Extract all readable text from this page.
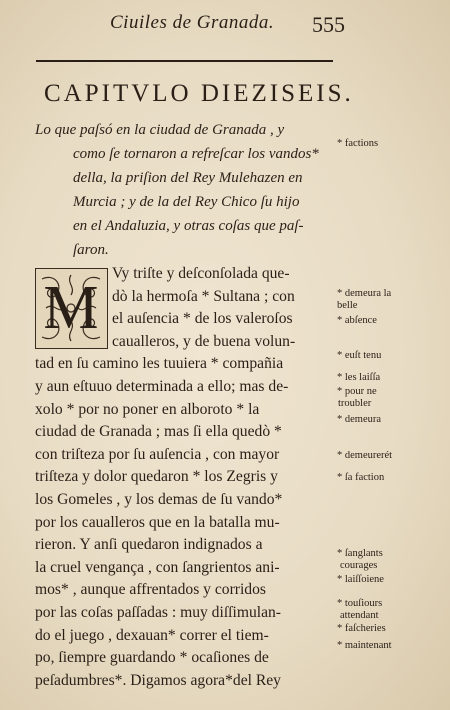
Ciuiles de Granada. 555
CAPITVLO DIEZISEIS.
Lo que paſsó en la ciudad de Granada , y
como ſe tornaron a refreſcar los vandos*
della, la priſion del Rey Mulehazen en
Murcia ; y de la del Rey Chico ſu hijo
en el Andaluzia, y otras coſas que paſ-
ſaron.
M
Vy triſte y deſconſolada que-
dò la hermoſa * Sultana ; con
el auſencia * de los valeroſos
caualleros, y de buena volun-
tad en ſu camino les tuuiera * compañia
y aun eſtuuo determinada a ello; mas de-
xolo * por no poner en alboroto * la
ciudad de Granada ; mas ſi ella quedò *
con triſteza por ſu auſencia , con mayor
triſteza y dolor quedaron * los Zegris y
los Gomeles , y los demas de ſu vando*
por los caualleros que en la batalla mu-
rieron. Y anſi quedaron indignados a
la cruel vengança , con ſangrientos ani-
mos* , aunque affrentados y corridos
por las coſas paſſadas : muy diſſimulan-
do el juego , dexauan* correr el tiem-
po, ſiempre guardando * ocaſiones de
peſadumbres*. Digamos agora*del Rey
* factions
* demeura la
belle
* abſence
* euſt tenu
* les laiſſa
* pour ne
troubler
* demeura
* demeurerét
* ſa faction
* ſanglants
courages
* laiſſoiene
* touſiours
attendant
* faſcheries
* maintenant
